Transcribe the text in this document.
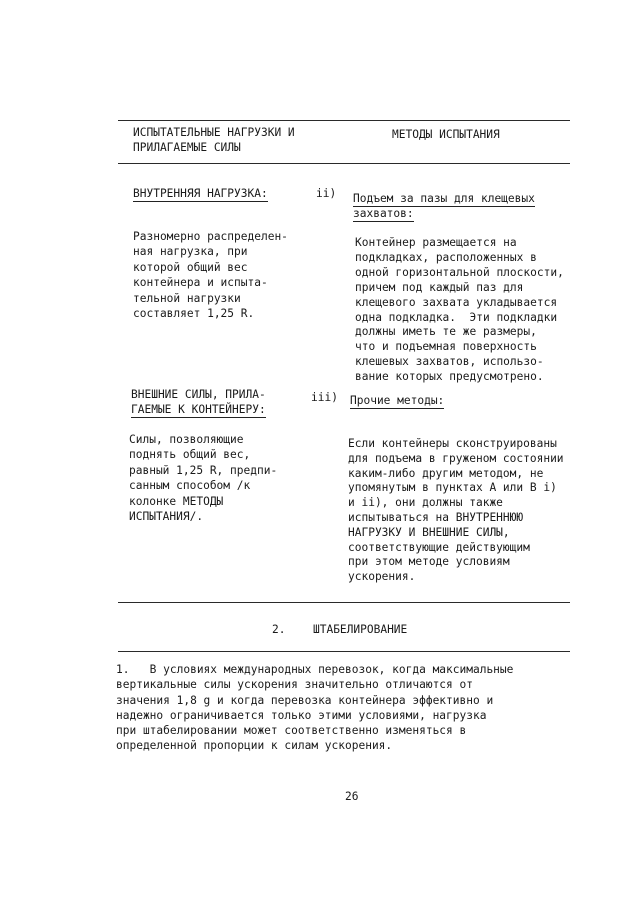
ИСПЫТАТЕЛЬНЫЕ НАГРУЗКИ И
ПРИЛАГАЕМЫЕ СИЛЫ
МЕТОДЫ ИСПЫТАНИЯ
ВНУТРЕННЯЯ НАГРУЗКА:	ii) Подъем за пазы для клещевых
захватов:
Разномерно распределен-
ная нагрузка, при
которой общий вес
контейнера и испыта-
тельной нагрузки
составляет 1,25 R.
Контейнер размещается на
подкладках, расположенных в
одной горизонтальной плоскости,
причем под каждый паз для
клещевого захвата укладывается
одна подкладка.  Эти подкладки
должны иметь те же размеры,
что и подъемная поверхность
клешевых захватов, использо-
вание которых предусмотрено.
ВНЕШНИЕ СИЛЫ, ПРИЛА-
ГАЕМЫЕ К КОНТЕЙНЕРУ:
iii) Прочие методы:
Силы, позволяющие
поднять общий вес,
равный 1,25 R, предпи-
санным способом /к
колонке МЕТОДЫ
ИСПЫТАНИЯ/.
Если контейнеры сконструированы
для подъема в груженом состоянии
каким-либо другим методом, не
упомянутым в пунктах А или В i)
и ii), они должны также
испытываться на ВНУТРЕННЮЮ
НАГРУЗКУ И ВНЕШНИЕ СИЛЫ,
соответствующие действующим
при этом методе условиям
ускорения.
2. ШТАБЕЛИРОВАНИЕ
1.   В условиях международных перевозок, когда максимальные
вертикальные силы ускорения значительно отличаются от
значения 1,8 g и когда перевозка контейнера эффективно и
надежно ограничивается только этими условиями, нагрузка
при штабелировании может соответственно изменяться в
определенной пропорции к силам ускорения.
26
